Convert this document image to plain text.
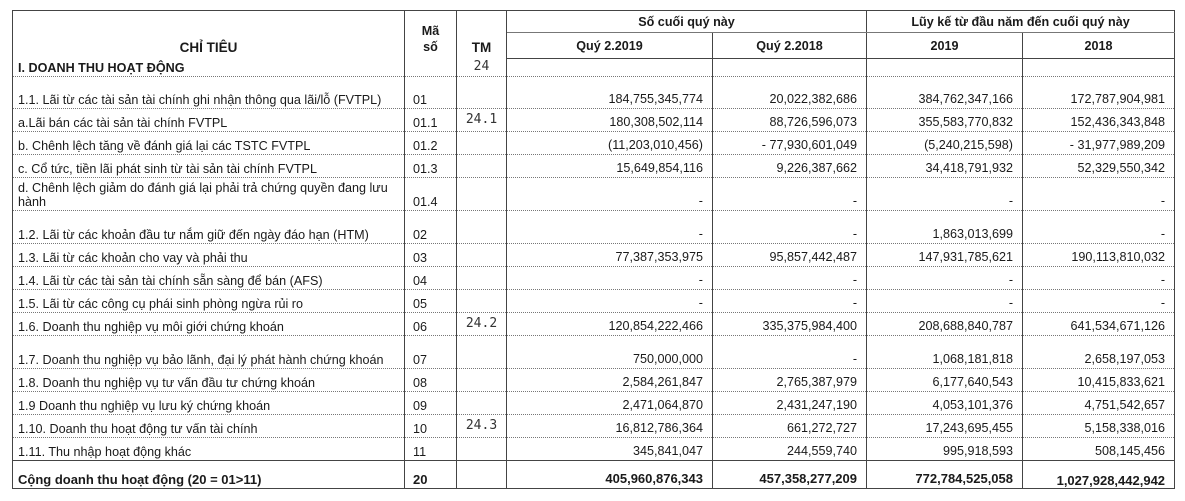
CHỈ TIÊU	Mã
số	TM	Số cuối quý này		Lũy kế từ đầu năm đến cuối quý này	
			Quý 2.2019	Quý 2.2018	2019	2018
I. DOANH THU HOẠT ĐỘNG		24				
1.1. Lãi từ các tài sản tài chính ghi nhận thông qua lãi/lỗ (FVTPL)	01		184,755,345,774	20,022,382,686	384,762,347,166	172,787,904,981
a.Lãi bán các tài sản tài chính FVTPL	01.1	24.1	180,308,502,114	88,726,596,073	355,583,770,832	152,436,343,848
b. Chênh lệch tăng về đánh giá lại các TSTC FVTPL	01.2		(11,203,010,456)	- 77,930,601,049	(5,240,215,598)	- 31,977,989,209
c. Cổ tức, tiền lãi phát sinh từ tài sản tài chính FVTPL	01.3		15,649,854,116	9,226,387,662	34,418,791,932	52,329,550,342
d. Chênh lệch giảm do đánh giá lại phải trả chứng quyền đang lưu hành	01.4		-	-	-	-
1.2. Lãi từ các khoản đầu tư nắm giữ đến ngày đáo hạn (HTM)	02		-	-	1,863,013,699	-
1.3. Lãi từ các khoản cho vay và phải thu	03		77,387,353,975	95,857,442,487	147,931,785,621	190,113,810,032
1.4. Lãi từ các tài sản tài chính sẵn sàng để bán (AFS)	04		-	-	-	-
1.5. Lãi từ các công cụ phái sinh phòng ngừa rủi ro	05		-	-	-	-
1.6. Doanh thu nghiệp vụ môi giới chứng khoán	06	24.2	120,854,222,466	335,375,984,400	208,688,840,787	641,534,671,126
1.7. Doanh thu nghiệp vụ bảo lãnh, đại lý phát hành chứng khoán	07		750,000,000	-	1,068,181,818	2,658,197,053
1.8. Doanh thu nghiệp vụ tư vấn đầu tư chứng khoán	08		2,584,261,847	2,765,387,979	6,177,640,543	10,415,833,621
1.9 Doanh thu nghiệp vụ lưu ký chứng khoán	09		2,471,064,870	2,431,247,190	4,053,101,376	4,751,542,657
1.10. Doanh thu hoạt động tư vấn tài chính	10	24.3	16,812,786,364	661,272,727	17,243,695,455	5,158,338,016
1.11. Thu nhập hoạt động khác	11		345,841,047	244,559,740	995,918,593	508,145,456
Cộng doanh thu hoạt động (20 = 01>11)	20		405,960,876,343	457,358,277,209	772,784,525,058	1,027,928,442,942
